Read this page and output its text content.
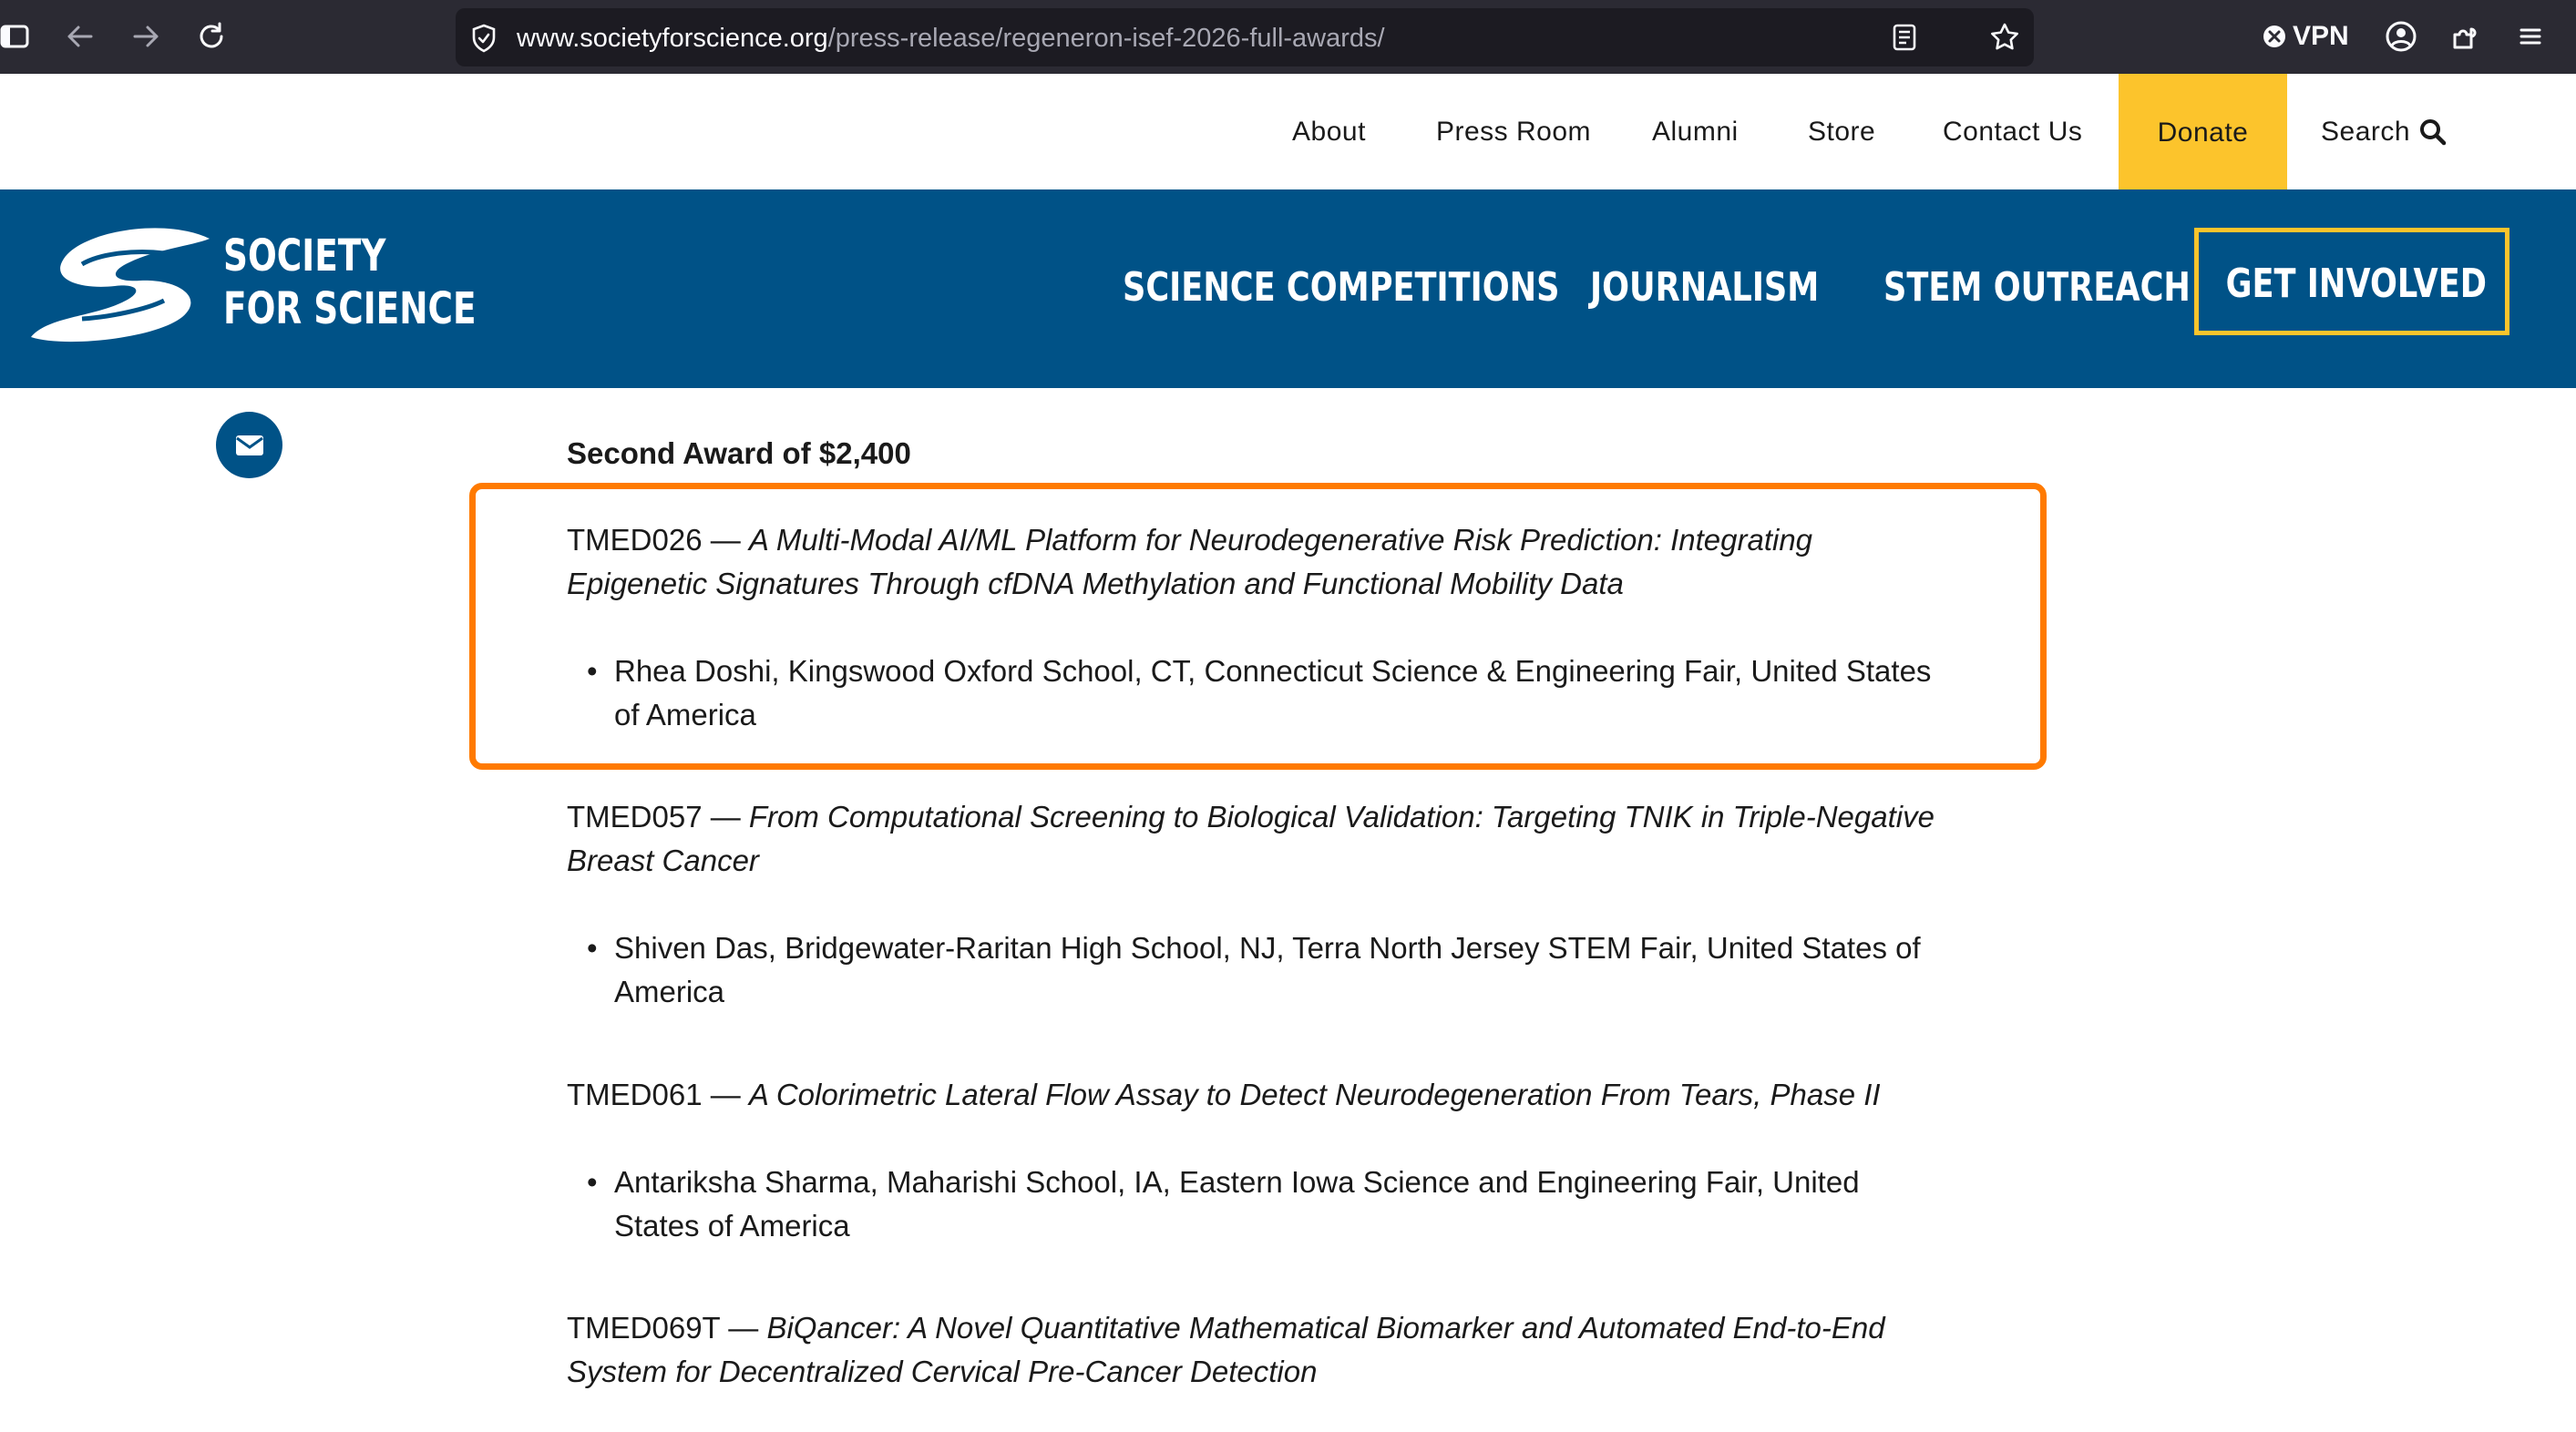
www.societyforscience.org/press-release/regeneron-isef-2026-full-awards/	VPN
About	Press Room Alumni	Store Contact Us	Donate	Search
SOCIETY
FOR SCIENCE	SCIENCE COMPETITIONS JOURNALISM STEM OUTREACH GET INVOLVED
Second Award of $2,400
TMED026 — A Multi-Modal AI/ML Platform for Neurodegenerative Risk Prediction: Integrating
Epigenetic Signatures Through cfDNA Methylation and Functional Mobility Data
• Rhea Doshi, Kingswood Oxford School, CT, Connecticut Science & Engineering Fair, United States
of America
TMED057 — From Computational Screening to Biological Validation: Targeting TNIK in Triple-Negative
Breast Cancer
• Shiven Das, Bridgewater-Raritan High School, NJ, Terra North Jersey STEM Fair, United States of
America
TMED061 — A Colorimetric Lateral Flow Assay to Detect Neurodegeneration From Tears, Phase II
• Antariksha Sharma, Maharishi School, IA, Eastern Iowa Science and Engineering Fair, United
States of America
TMED069T — BiQancer: A Novel Quantitative Mathematical Biomarker and Automated End-to-End
System for Decentralized Cervical Pre-Cancer Detection
